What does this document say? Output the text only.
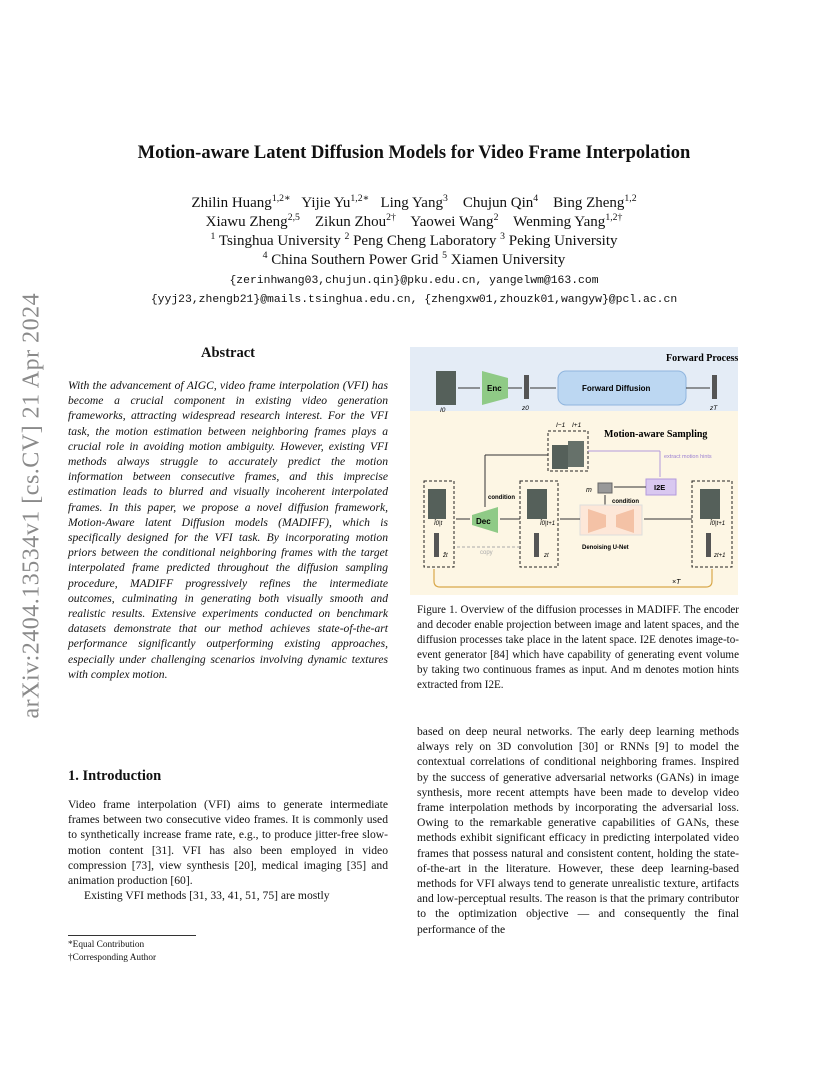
arXiv:2404.13534v1 [cs.CV] 21 Apr 2024
Motion-aware Latent Diffusion Models for Video Frame Interpolation
Zhilin Huang$^{1,2∗}$   Yijie $Yu^{1,2∗}$   Ling Yang$^3$    Chujun Qin$^4$    Bing Zheng$^{1,2}$
Xiawu Zheng$^{2,5}$    Zikun Zhou$^{2\dagger}$    Yaowei Wang$^2$    Wenming Yang$^{1,2\dagger}$
$^1$ Tsinghua University $^2$ Peng Cheng Laboratory $^3$ Peking University
$^4$ China Southern Power Grid $^5$ Xiamen University
{zerinhwang03,chujun.qin}@pku.edu.cn, yangelwm@163.com
{yyj23,zhengb21}@mails.tsinghua.edu.cn, {zhengxw01,zhouzk01,wangyw}@pcl.ac.cn
Abstract
With the advancement of AIGC, video frame interpolation (VFI) has become a crucial component in existing video generation frameworks, attracting widespread research interest. For the VFI task, the motion estimation between neighboring frames plays a crucial role in avoiding motion ambiguity. However, existing VFI methods always struggle to accurately predict the motion information between consecutive frames, and this imprecise estimation leads to blurred and visually incoherent interpolated frames. In this paper, we propose a novel diffusion framework, Motion-Aware latent Diffusion models (MADIFF), which is specifically designed for the VFI task. By incorporating motion priors between the conditional neighboring frames with the target interpolated frame predicted throughout the diffusion sampling procedure, MADIFF progressively refines the intermediate outcomes, culminating in generating both visually smooth and realistic results. Extensive experiments conducted on benchmark datasets demonstrate that our method achieves state-of-the-art performance significantly outperforming existing approaches, especially under challenging scenarios involving dynamic textures with complex motion.
1. Introduction

Video frame interpolation (VFI) aims to generate intermediate frames between two consecutive video frames. It is commonly used to synthetically increase frame rate, e.g., to produce jitter-free slow-motion content [31]. VFI has also been employed in video compression [73], view synthesis [20], medical imaging [35] and animation production [60].

Existing VFI methods [31, 33, 41, 51, 75] are mostly

*Equal Contribution
†Corresponding Author
Forward Process
I0
Enc
z0
Forward Diffusion
zT
Motion-aware Sampling
I−1 I+1
extract motion hints
I2E
m
condition
Denoising U-Net
Î0|t+1
zt
Î0|t+1
zt+1
Dec
condition
copy
Î0|t
z̃t
×T
Figure 1. Overview of the diffusion processes in MADIFF. The encoder and decoder enable projection between image and latent spaces, and the diffusion processes take place in the latent space. I2E denotes image-to-event generator [84] which have capability of generating event volume by taking two continuous frames as input. And m denotes motion hints extracted from I2E.

based on deep neural networks. The early deep learning methods always rely on 3D convolution [30] or RNNs [9] to model the contextual correlations of conditional neighboring frames. Inspired by the success of generative adversarial networks (GANs) in image synthesis, more recent attempts have been made to develop video frame interpolation methods by incorporating the adversarial loss. Owing to the remarkable generative capabilities of GANs, these methods exhibit significant efficacy in predicting interpolated video frames that possess natural and consistent content, holding the state-of-the-art in the literature. However, these deep learning-based methods for VFI always tend to generate unrealistic texture, artifacts and low-perceptual results. The reason is that the primary contributor to the optimization objective — and consequently the final performance of the
